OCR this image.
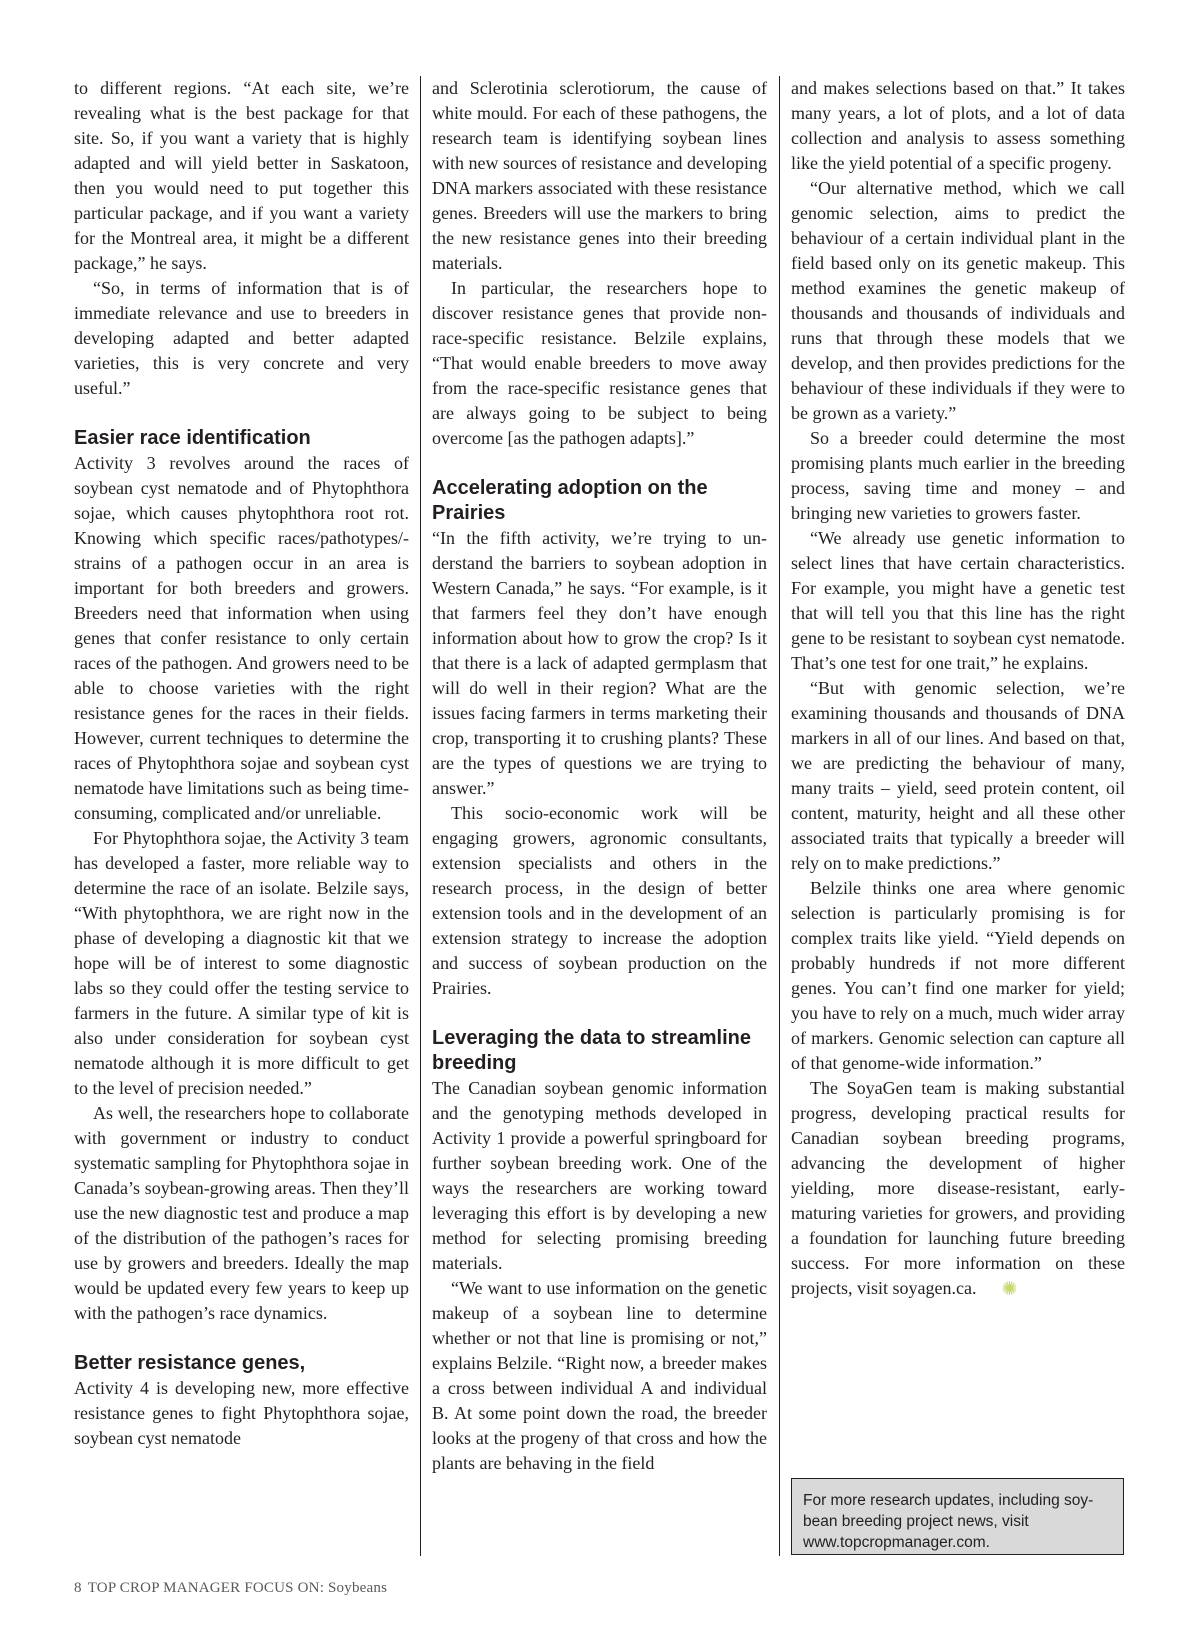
to different regions. “At each site, we’re revealing what is the best package for that site. So, if you want a variety that is highly adapted and will yield better in Saskatoon, then you would need to put together this particular package, and if you want a variety for the Montreal area, it might be a different package,” he says.

“So, in terms of information that is of immediate relevance and use to breeders in developing adapted and better adapted varieties, this is very concrete and very useful.”

Easier race identification

Activity 3 revolves around the races of soybean cyst nematode and of Phytophthora sojae, which causes phytophthora root rot. Knowing which specific races/pathotypes/strains of a pathogen occur in an area is important for both breeders and growers. Breeders need that information when using genes that confer resistance to only certain races of the pathogen. And growers need to be able to choose varieties with the right resistance genes for the races in their fields. However, current techniques to determine the races of Phytophthora sojae and soybean cyst nematode have limitations such as being time-consuming, complicated and/or unreliable.

For Phytophthora sojae, the Activity 3 team has developed a faster, more reliable way to determine the race of an isolate. Belzile says, “With phytophthora, we are right now in the phase of developing a diagnostic kit that we hope will be of interest to some diagnostic labs so they could offer the testing service to farmers in the future. A similar type of kit is also under consideration for soybean cyst nematode although it is more difficult to get to the level of precision needed.”

As well, the researchers hope to collaborate with government or industry to conduct systematic sampling for Phytophthora sojae in Canada’s soybean-growing areas. Then they’ll use the new diagnostic test and produce a map of the distribution of the pathogen’s races for use by growers and breeders. Ideally the map would be updated every few years to keep up with the pathogen’s race dynamics.

Better resistance genes,

Activity 4 is developing new, more effective resistance genes to fight Phytophthora sojae, soybean cyst nematode

and Sclerotinia sclerotiorum, the cause of white mould. For each of these pathogens, the research team is identifying soybean lines with new sources of resistance and developing DNA markers associated with these resistance genes. Breeders will use the markers to bring the new resistance genes into their breeding materials.

In particular, the researchers hope to discover resistance genes that provide non-race-specific resistance. Belzile explains, “That would enable breeders to move away from the race-specific resistance genes that are always going to be subject to being overcome [as the pathogen adapts].”

Accelerating adoption on the Prairies

“In the fifth activity, we’re trying to understand the barriers to soybean adoption in Western Canada,” he says. “For example, is it that farmers feel they don’t have enough information about how to grow the crop? Is it that there is a lack of adapted germplasm that will do well in their region? What are the issues facing farmers in terms marketing their crop, transporting it to crushing plants? These are the types of questions we are trying to answer.”

This socio-economic work will be engaging growers, agronomic consultants, extension specialists and others in the research process, in the design of better extension tools and in the development of an extension strategy to increase the adoption and success of soybean production on the Prairies.

Leveraging the data to streamline breeding

The Canadian soybean genomic information and the genotyping methods developed in Activity 1 provide a powerful springboard for further soybean breeding work. One of the ways the researchers are working toward leveraging this effort is by developing a new method for selecting promising breeding materials.

“We want to use information on the genetic makeup of a soybean line to determine whether or not that line is promising or not,” explains Belzile. “Right now, a breeder makes a cross between individual A and individual B. At some point down the road, the breeder looks at the progeny of that cross and how the plants are behaving in the field

and makes selections based on that.” It takes many years, a lot of plots, and a lot of data collection and analysis to assess something like the yield potential of a specific progeny.

“Our alternative method, which we call genomic selection, aims to predict the behaviour of a certain individual plant in the field based only on its genetic makeup. This method examines the genetic makeup of thousands and thousands of individuals and runs that through these models that we develop, and then provides predictions for the behaviour of these individuals if they were to be grown as a variety.”

So a breeder could determine the most promising plants much earlier in the breeding process, saving time and money – and bringing new varieties to growers faster.

“We already use genetic information to select lines that have certain characteristics. For example, you might have a genetic test that will tell you that this line has the right gene to be resistant to soybean cyst nematode. That’s one test for one trait,” he explains.

“But with genomic selection, we’re examining thousands and thousands of DNA markers in all of our lines. And based on that, we are predicting the behaviour of many, many traits – yield, seed protein content, oil content, maturity, height and all these other associated traits that typically a breeder will rely on to make predictions.”

Belzile thinks one area where genomic selection is particularly promising is for complex traits like yield. “Yield depends on probably hundreds if not more different genes. You can’t find one marker for yield; you have to rely on a much, much wider array of markers. Genomic selection can capture all of that genome-wide information.”

The SoyaGen team is making substantial progress, developing practical results for Canadian soybean breeding programs, advancing the development of higher yielding, more disease-resistant, early-maturing varieties for growers, and providing a foundation for launching future breeding success. For more information on these projects, visit soyagen.ca. ✺

For more research updates, including soybean breeding project news, visit www.topcropmanager.com.
8 TOP CROP MANAGER FOCUS ON: Soybeans
